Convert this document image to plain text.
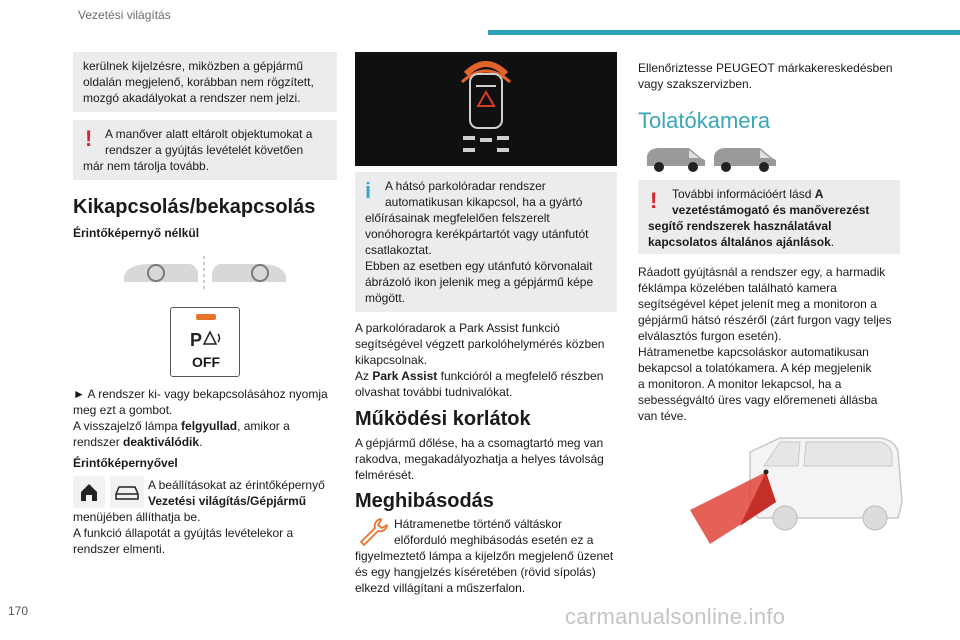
Vezetési világítás
kerülnek kijelzésre, miközben a gépjármű
oldalán megjelenő, korábban nem rögzített,
mozgó akadályokat a rendszer nem jelzi.
! A manőver alatt eltárolt objektumokat a
rendszer a gyújtás levételét követően
már nem tárolja tovább.
Kikapcsolás/bekapcsolás
Érintőképernyő nélkül
P
OFF
► A rendszer ki- vagy bekapcsolásához nyomja
meg ezt a gombot.
A visszajelző lámpa felgyullad, amikor a
rendszer deaktiválódik.
Érintőképernyővel
A beállításokat az érintőképernyő
Vezetési világítás/Gépjármű
menüjében állíthatja be.
A funkció állapotát a gyújtás levételekor a
rendszer elmenti.
i A hátsó parkolóradar rendszer
automatikusan kikapcsol, ha a gyártó
előírásainak megfelelően felszerelt
vonóhorogra kerékpártartót vagy utánfutót
csatlakoztat.
Ebben az esetben egy utánfutó körvonalait
ábrázoló ikon jelenik meg a gépjármű képe
mögött.
A parkolóradarok a Park Assist funkció
segítségével végzett parkolóhelymérés közben
kikapcsolnak.
Az Park Assist funkcióról a megfelelő részben
olvashat további tudnivalókat.
Működési korlátok
A gépjármű dőlése, ha a csomagtartó meg van
rakodva, megakadályozhatja a helyes távolság
felmérését.
Meghibásodás
Hátramenetbe történő váltáskor
előforduló meghibásodás esetén ez a
figyelmeztető lámpa a kijelzőn megjelenő üzenet
és egy hangjelzés kíséretében (rövid sípolás)
elkezd villágítani a műszerfalon.
Ellenőriztesse PEUGEOT márkakereskedésben
vagy szakszervizben.
Tolatókamera
! További információért lásd A
vezetéstámogató és manőverezést
segítő rendszerek használatával
kapcsolatos általános ajánlások.
Ráadott gyújtásnál a rendszer egy, a harmadik
féklámpa közelében található kamera
segítségével képet jelenít meg a monitoron a
gépjármű hátsó részéről (zárt furgon vagy teljes
elválasztós furgon esetén).
Hátramenetbe kapcsoláskor automatikusan
bekapcsol a tolatókamera. A kép megjelenik
a monitoron. A monitor lekapcsol, ha a
sebességváltó üres vagy előremeneti állásba
van téve.
170	carmanualsonline.info
